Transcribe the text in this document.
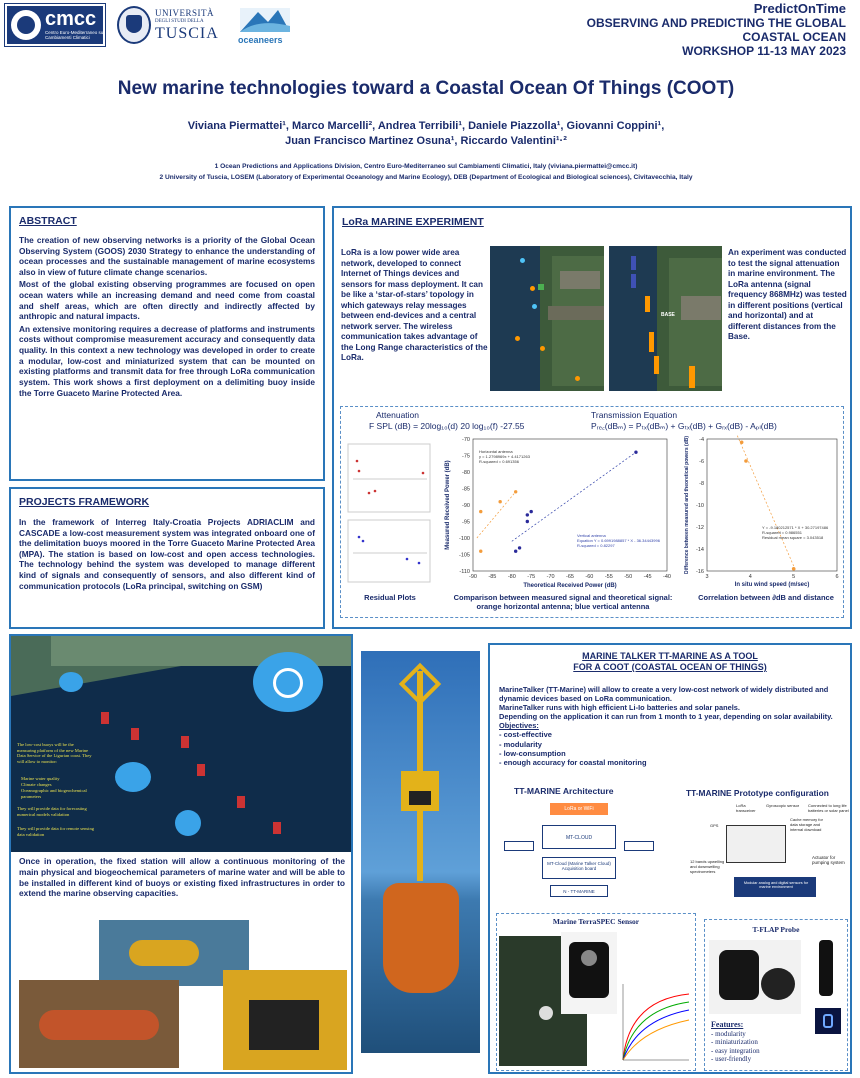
cmcc
Centro Euro-Mediterraneo sui Cambiamenti Climatici
UNIVERSITÀ
DEGLI STUDI DELLA
TUSCIA oceaneers
PredictOnTime
OBSERVING AND PREDICTING THE GLOBAL
COASTAL OCEAN
WORKSHOP 11-13 MAY 2023
New marine technologies toward a Coastal Ocean Of Things (COOT)
Viviana Piermattei¹, Marco Marcelli², Andrea Terribili¹, Daniele Piazzolla¹, Giovanni Coppini¹,
Juan Francisco Martinez Osuna¹, Riccardo Valentini¹·²
1 Ocean Predictions and Applications Division, Centro Euro-Mediterraneo sul Cambiamenti Climatici, Italy (viviana.piermattei@cmcc.it)
2 University of Tuscia, LOSEM (Laboratory of Experimental Oceanology and Marine Ecology), DEB (Department of Ecological and Biological sciences), Civitavecchia, Italy
ABSTRACT

The creation of new observing networks is a priority of the Global Ocean Observing System (GOOS) 2030 Strategy to enhance the understanding of ocean processes and the sustainable management of marine ecosystems also in view of future climate change scenarios.

Most of the global existing observing programmes are focused on open ocean waters while an increasing demand and need come from coastal and shelf areas, which are often directly and indirectly affected by anthropic and natural impacts.

An extensive monitoring requires a decrease of platforms and instruments costs without compromise measurement accuracy and consequently data quality. In this context a new technology was developed in order to create a modular, low-cost and miniaturized system that can be mounted on existing platforms and transmit data for free through LoRa communication system. This work shows a first deployment on a delimiting buoy inside the Torre Guaceto Marine Protected Area.

PROJECTS FRAMEWORK

In the framework of Interreg Italy-Croatia Projects ADRIACLIM and CASCADE a low-cost measurement system was integrated onboard one of the delimitation buoys moored in the Torre Guaceto Marine Protected Area (MPA). The station is based on low-cost and open access technologies. The technology behind the system was developed to manage different kind of signals and consequently of sensors, and also different kind of communication protocols (LoRa principal, switching on GSM)

LoRa MARINE EXPERIMENT
LoRa is a low power wide area network, developed to connect Internet of Things devices and sensors for mass deployment. It can be like a ‘star-of-stars’ topology in which gateways relay messages between end-devices and a central network server. The wireless communication takes advantage of the Long Range characteristics of the LoRa.
BASE
An experiment was conducted to test the signal attenuation in marine environment. The LoRa antenna (signal frequency 868MHz) was tested in different positions (vertical and horizontal) and at different distances from the Base.
Attenuation
F SPL (dB) = 20log₁₀(d) 20 log₁₀(f) -27.55
Transmission Equation
Pᵣₑ꜀(dBₘ) = Pₜₓ(dBₘ) + Gₜₓ(dB) + Gᵣₓ(dB) - Aₚₗ(dB)
Residual Plots
-90 -85 -80 -75 -70 -65 -60 -55 -50 -45 -40
-70
-75
-80
-85
-90
-95
-100
-105
-110
Theoretical Received Power (dB)
Measured Received Power (dB)
Horizontal antenna
y = 1.2798969x + 4.4171263
R-squared = 0.691356
Vertical antenna
Equation Y = 0.6991988857 * X - 36.34443996
R-squared = 0.82297
Comparison between measured signal and theoretical signal: orange horizontal antenna; blue vertical antenna
3	4	5	6
-16
-14
-12
-10
-8
-6
-4
In situ wind speed (m/sec)
Difference between measured and theoretical powers (dB)	Y = -9.180212571 * X + 30.27197486
R-squared = 0.986551
Residual mean square = 3.043518
Correlation between ∂dB and distance
The low-cost buoys will be the measuring platform of the new Marine Data Service of the Ligurian coast. They will allow to monitor:
Marine water quality
Climate changes
Oceanographic and biogeochemical parameters
They will provide data for forecasting numerical models validation
They will provide data for remote sensing data validation
Once in operation, the fixed station will allow a continuous monitoring of the main physical and biogeochemical parameters of marine water and will be able to be installed in different kind of buoys or existing fixed infrastructures in order to extend the marine observing capacities.
MARINE TALKER TT-MARINE AS A TOOL
FOR A COOT (COASTAL OCEAN OF THINGS)
MarineTalker (TT-Marine) will allow to create a very low-cost network of widely distributed and dynamic devices based on LoRa communication.
MarineTalker runs with high efficient Li-Io batteries and solar panels.
Depending on the application it can run from 1 month to 1 year, depending on solar availability.
Objectives:
- cost-effective
- modularity
- low-consumption
- enough accuracy for coastal monitoring
TT-MARINE Architecture
LoRa or WiFi
MT-CLOUD
MT-Cloud (Marine Talker Cloud) Acquisition board
N - TT-MARINE
TT-MARINE Prototype configuration
LoRa transceiver
Gyroscopic sensor
Cache memory for data storage and internal download
Connected to long life batteries or solar panel
GPS
12 bands upwelling and downwelling spectrometers
Actuator for pumping system
Modular analog and digital sensors for marine environment
Marine TerraSPEC Sensor
T-FLAP Probe
Features:
- modularity
- miniaturization
- easy integration
- user-friendly
